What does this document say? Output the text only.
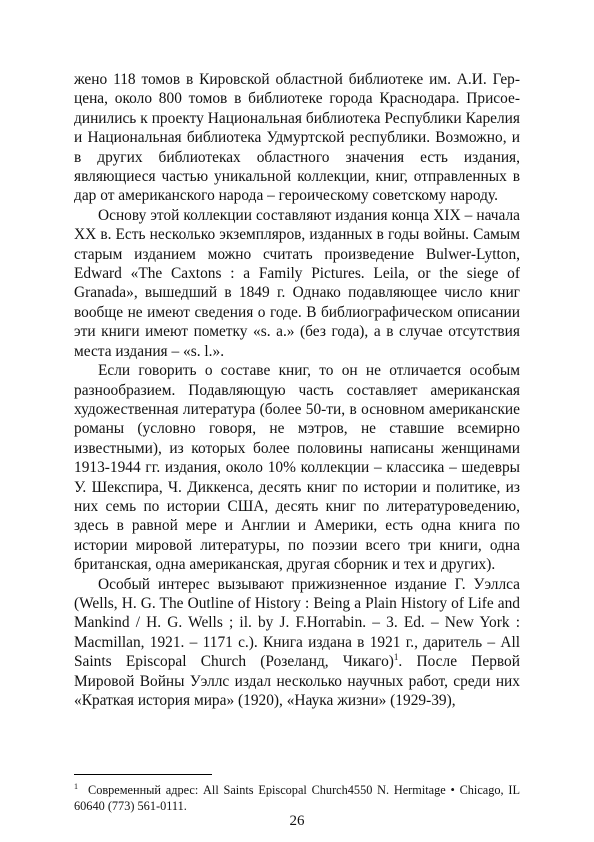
жено 118 томов в Кировской областной библиотеке им. А.И. Герцена, около 800 томов в библиотеке города Краснодара. Присоединились к проекту Национальная библиотека Республики Карелия и Национальная библиотека Удмуртской республики. Возможно, и в других библиотеках областного значения есть издания, являющиеся частью уникальной коллекции, книг, отправленных в дар от американского народа – героическому советскому народу.

Основу этой коллекции составляют издания конца XIX – начала XX в. Есть несколько экземпляров, изданных в годы войны. Самым старым изданием можно считать произведение Bulwer-Lytton, Edward «The Caxtons : a Family Pictures. Leila, or the siege of Granada», вышедший в 1849 г. Однако подавляющее число книг вообще не имеют сведения о годе. В библиографическом описании эти книги имеют пометку «s. a.» (без года), а в случае отсутствия места издания – «s. l.».

Если говорить о составе книг, то он не отличается особым разнообразием. Подавляющую часть составляет американская художественная литература (более 50-ти, в основном американские романы (условно говоря, не мэтров, не ставшие всемирно известными), из которых более половины написаны женщинами 1913-1944 гг. издания, около 10% коллекции – классика – шедевры У. Шекспира, Ч. Диккенса, десять книг по истории и политике, из них семь по истории США, десять книг по литературоведению, здесь в равной мере и Англии и Америки, есть одна книга по истории мировой литературы, по поэзии всего три книги, одна британская, одна американская, другая сборник и тех и других).

Особый интерес вызывают прижизненное издание Г. Уэллса (Wells, H. G. The Outline of History : Being a Plain History of Life and Mankind / H. G. Wells ; il. by J. F.Horrabin. – 3. Ed. – New York : Macmillan, 1921. – 1171 с.). Книга издана в 1921 г., даритель – All Saints Episcopal Church (Розеланд, Чикаго)$^1$. После Первой Мировой Войны Уэллс издал несколько научных работ, среди них «Краткая история мира» (1920), «Наука жизни» (1929-39),

$^1$ Современный адрес: All Saints Episcopal Church4550 N. Hermitage • Chicago, IL 60640 (773) 561-0111.
26
